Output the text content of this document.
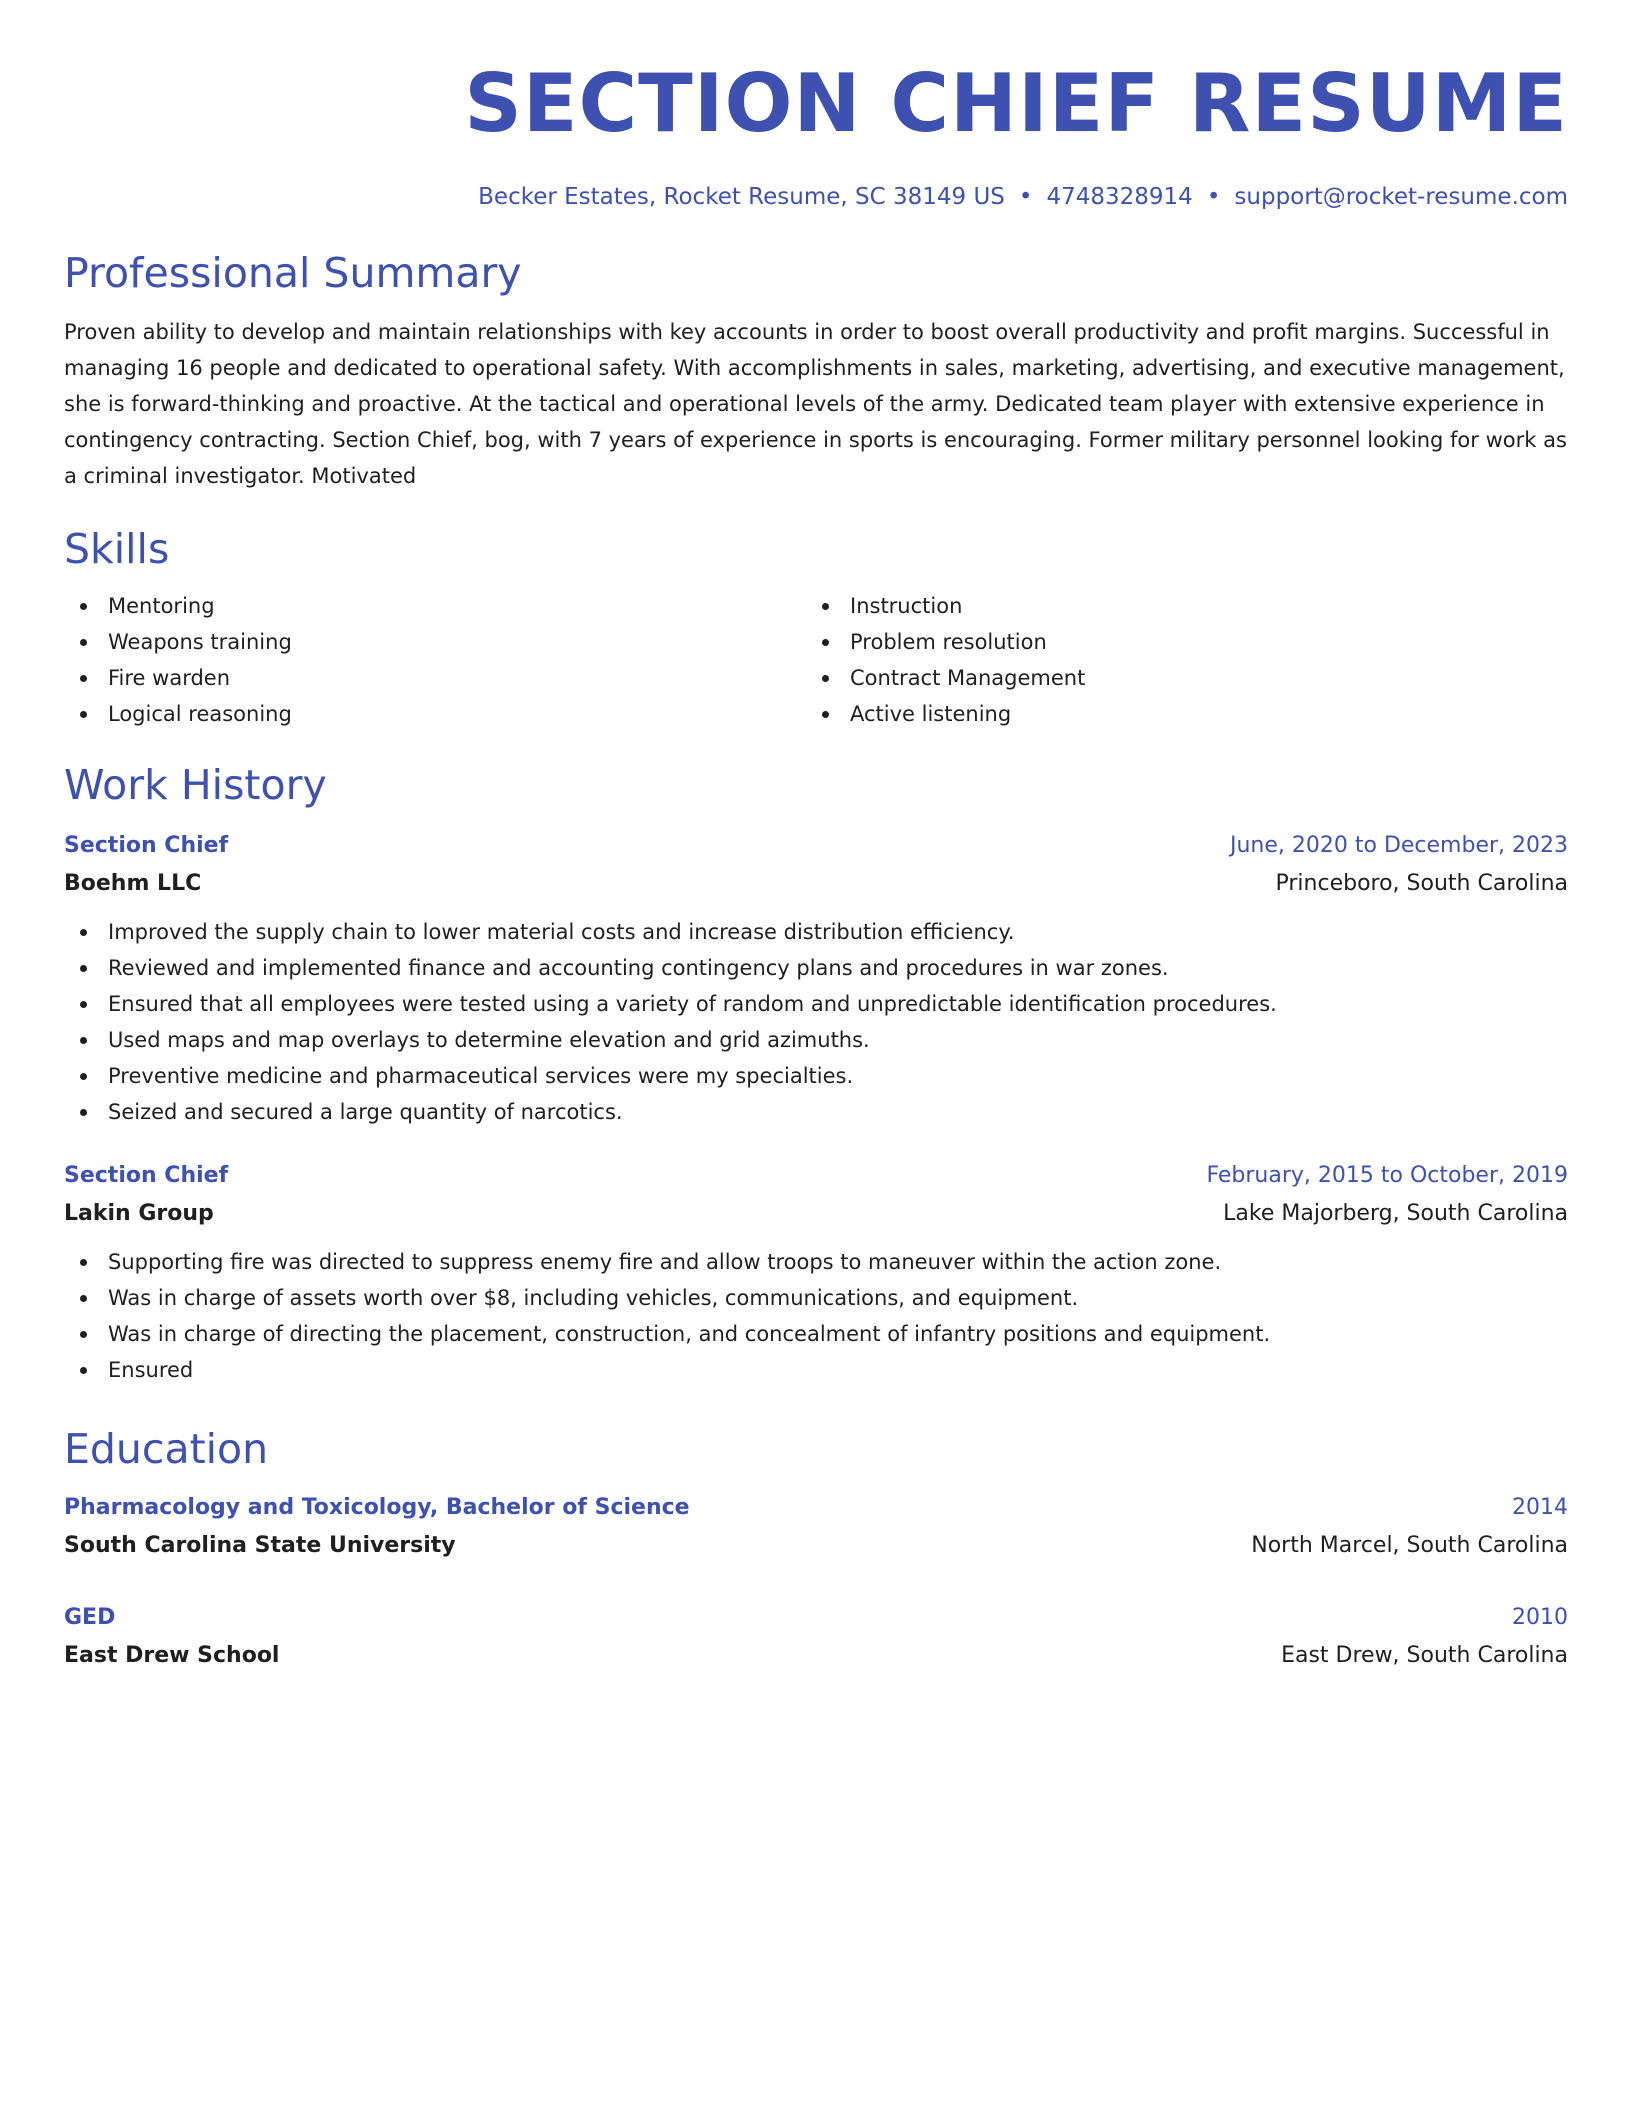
SECTION CHIEF RESUME
Becker Estates, Rocket Resume, SC 38149 US • 4748328914 • support@rocket-resume.com
Professional Summary
Proven ability to develop and maintain relationships with key accounts in order to boost overall productivity and profit margins. Successful in managing 16 people and dedicated to operational safety. With accomplishments in sales, marketing, advertising, and executive management, she is forward-thinking and proactive. At the tactical and operational levels of the army. Dedicated team player with extensive experience in contingency contracting. Section Chief, bog, with 7 years of experience in sports is encouraging. Former military personnel looking for work as a criminal investigator. Motivated
Skills
Mentoring
Weapons training
Fire warden
Logical reasoning
Instruction
Problem resolution
Contract Management
Active listening
Work History
Section Chief	June, 2020 to December, 2023
Boehm LLC	Princeboro, South Carolina
Improved the supply chain to lower material costs and increase distribution efficiency.
Reviewed and implemented finance and accounting contingency plans and procedures in war zones.
Ensured that all employees were tested using a variety of random and unpredictable identification procedures.
Used maps and map overlays to determine elevation and grid azimuths.
Preventive medicine and pharmaceutical services were my specialties.
Seized and secured a large quantity of narcotics.
Section Chief	February, 2015 to October, 2019
Lakin Group	Lake Majorberg, South Carolina
Supporting fire was directed to suppress enemy fire and allow troops to maneuver within the action zone.
Was in charge of assets worth over $8, including vehicles, communications, and equipment.
Was in charge of directing the placement, construction, and concealment of infantry positions and equipment.
Ensured
Education
Pharmacology and Toxicology, Bachelor of Science	2014
South Carolina State University	North Marcel, South Carolina
GED	2010
East Drew School	East Drew, South Carolina
